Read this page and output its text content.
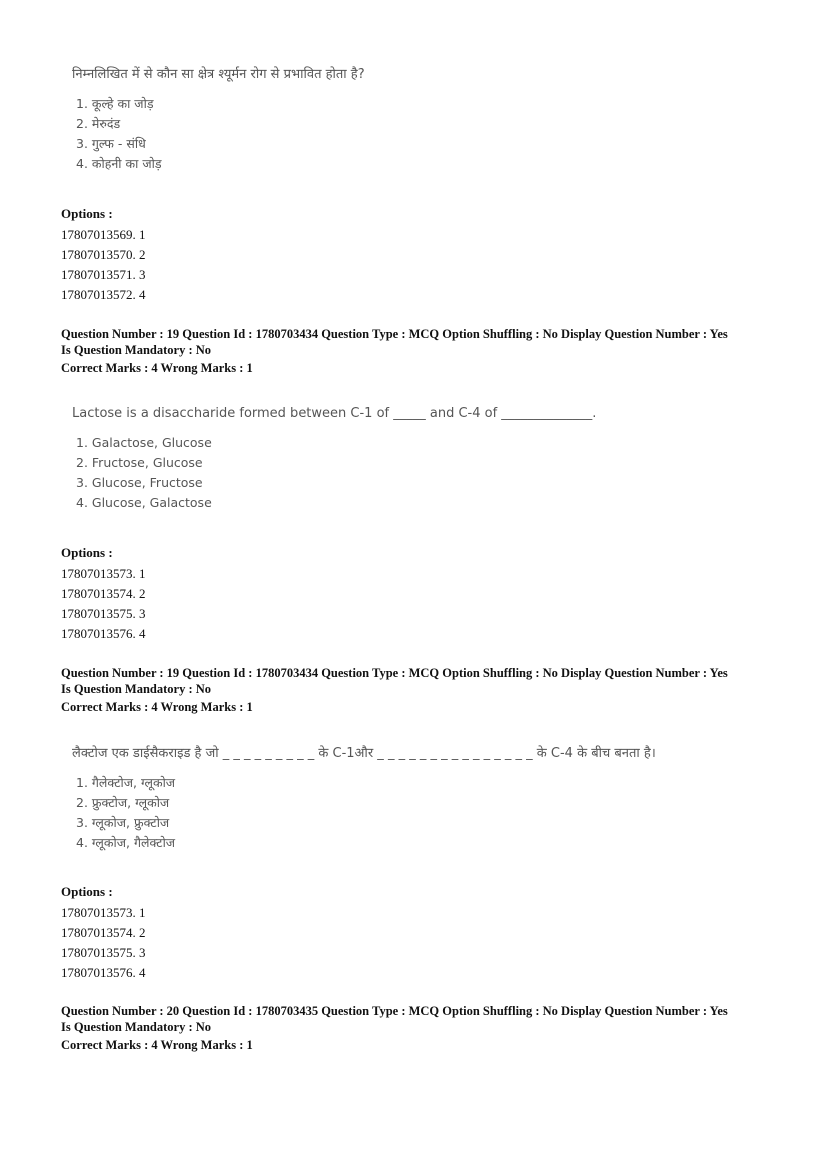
निम्नलिखित में से कौन सा क्षेत्र श्यूर्मन रोग से प्रभावित होता है?

1. कूल्हे का जोड़

2. मेरुदंड

3. गुल्फ - संधि

4. कोहनी का जोड़

Options :
17807013569. 1
17807013570. 2
17807013571. 3
17807013572. 4
Question Number : 19 Question Id : 1780703434 Question Type : MCQ Option Shuffling : No Display Question Number : Yes
Is Question Mandatory : No
Correct Marks : 4 Wrong Marks : 1

Lactose is a disaccharide formed between C-1 of _____ and C-4 of ______________.

1. Galactose, Glucose

2. Fructose, Glucose

3. Glucose, Fructose

4. Glucose, Galactose

Options :
17807013573. 1
17807013574. 2
17807013575. 3
17807013576. 4
Question Number : 19 Question Id : 1780703434 Question Type : MCQ Option Shuffling : No Display Question Number : Yes
Is Question Mandatory : No
Correct Marks : 4 Wrong Marks : 1

लैक्टोज एक डाईसैकराइड है जो _ _ _ _ _ _ _ _ _ के C-1और _ _ _ _ _ _ _ _ _ _ _ _ _ _ _ के C-4 के बीच बनता है।

1. गैलेक्टोज, ग्लूकोज

2. फ्रुक्टोज, ग्लूकोज

3. ग्लूकोज, फ्रुक्टोज

4. ग्लूकोज, गैलेक्टोज

Options :
17807013573. 1
17807013574. 2
17807013575. 3
17807013576. 4
Question Number : 20 Question Id : 1780703435 Question Type : MCQ Option Shuffling : No Display Question Number : Yes
Is Question Mandatory : No
Correct Marks : 4 Wrong Marks : 1
